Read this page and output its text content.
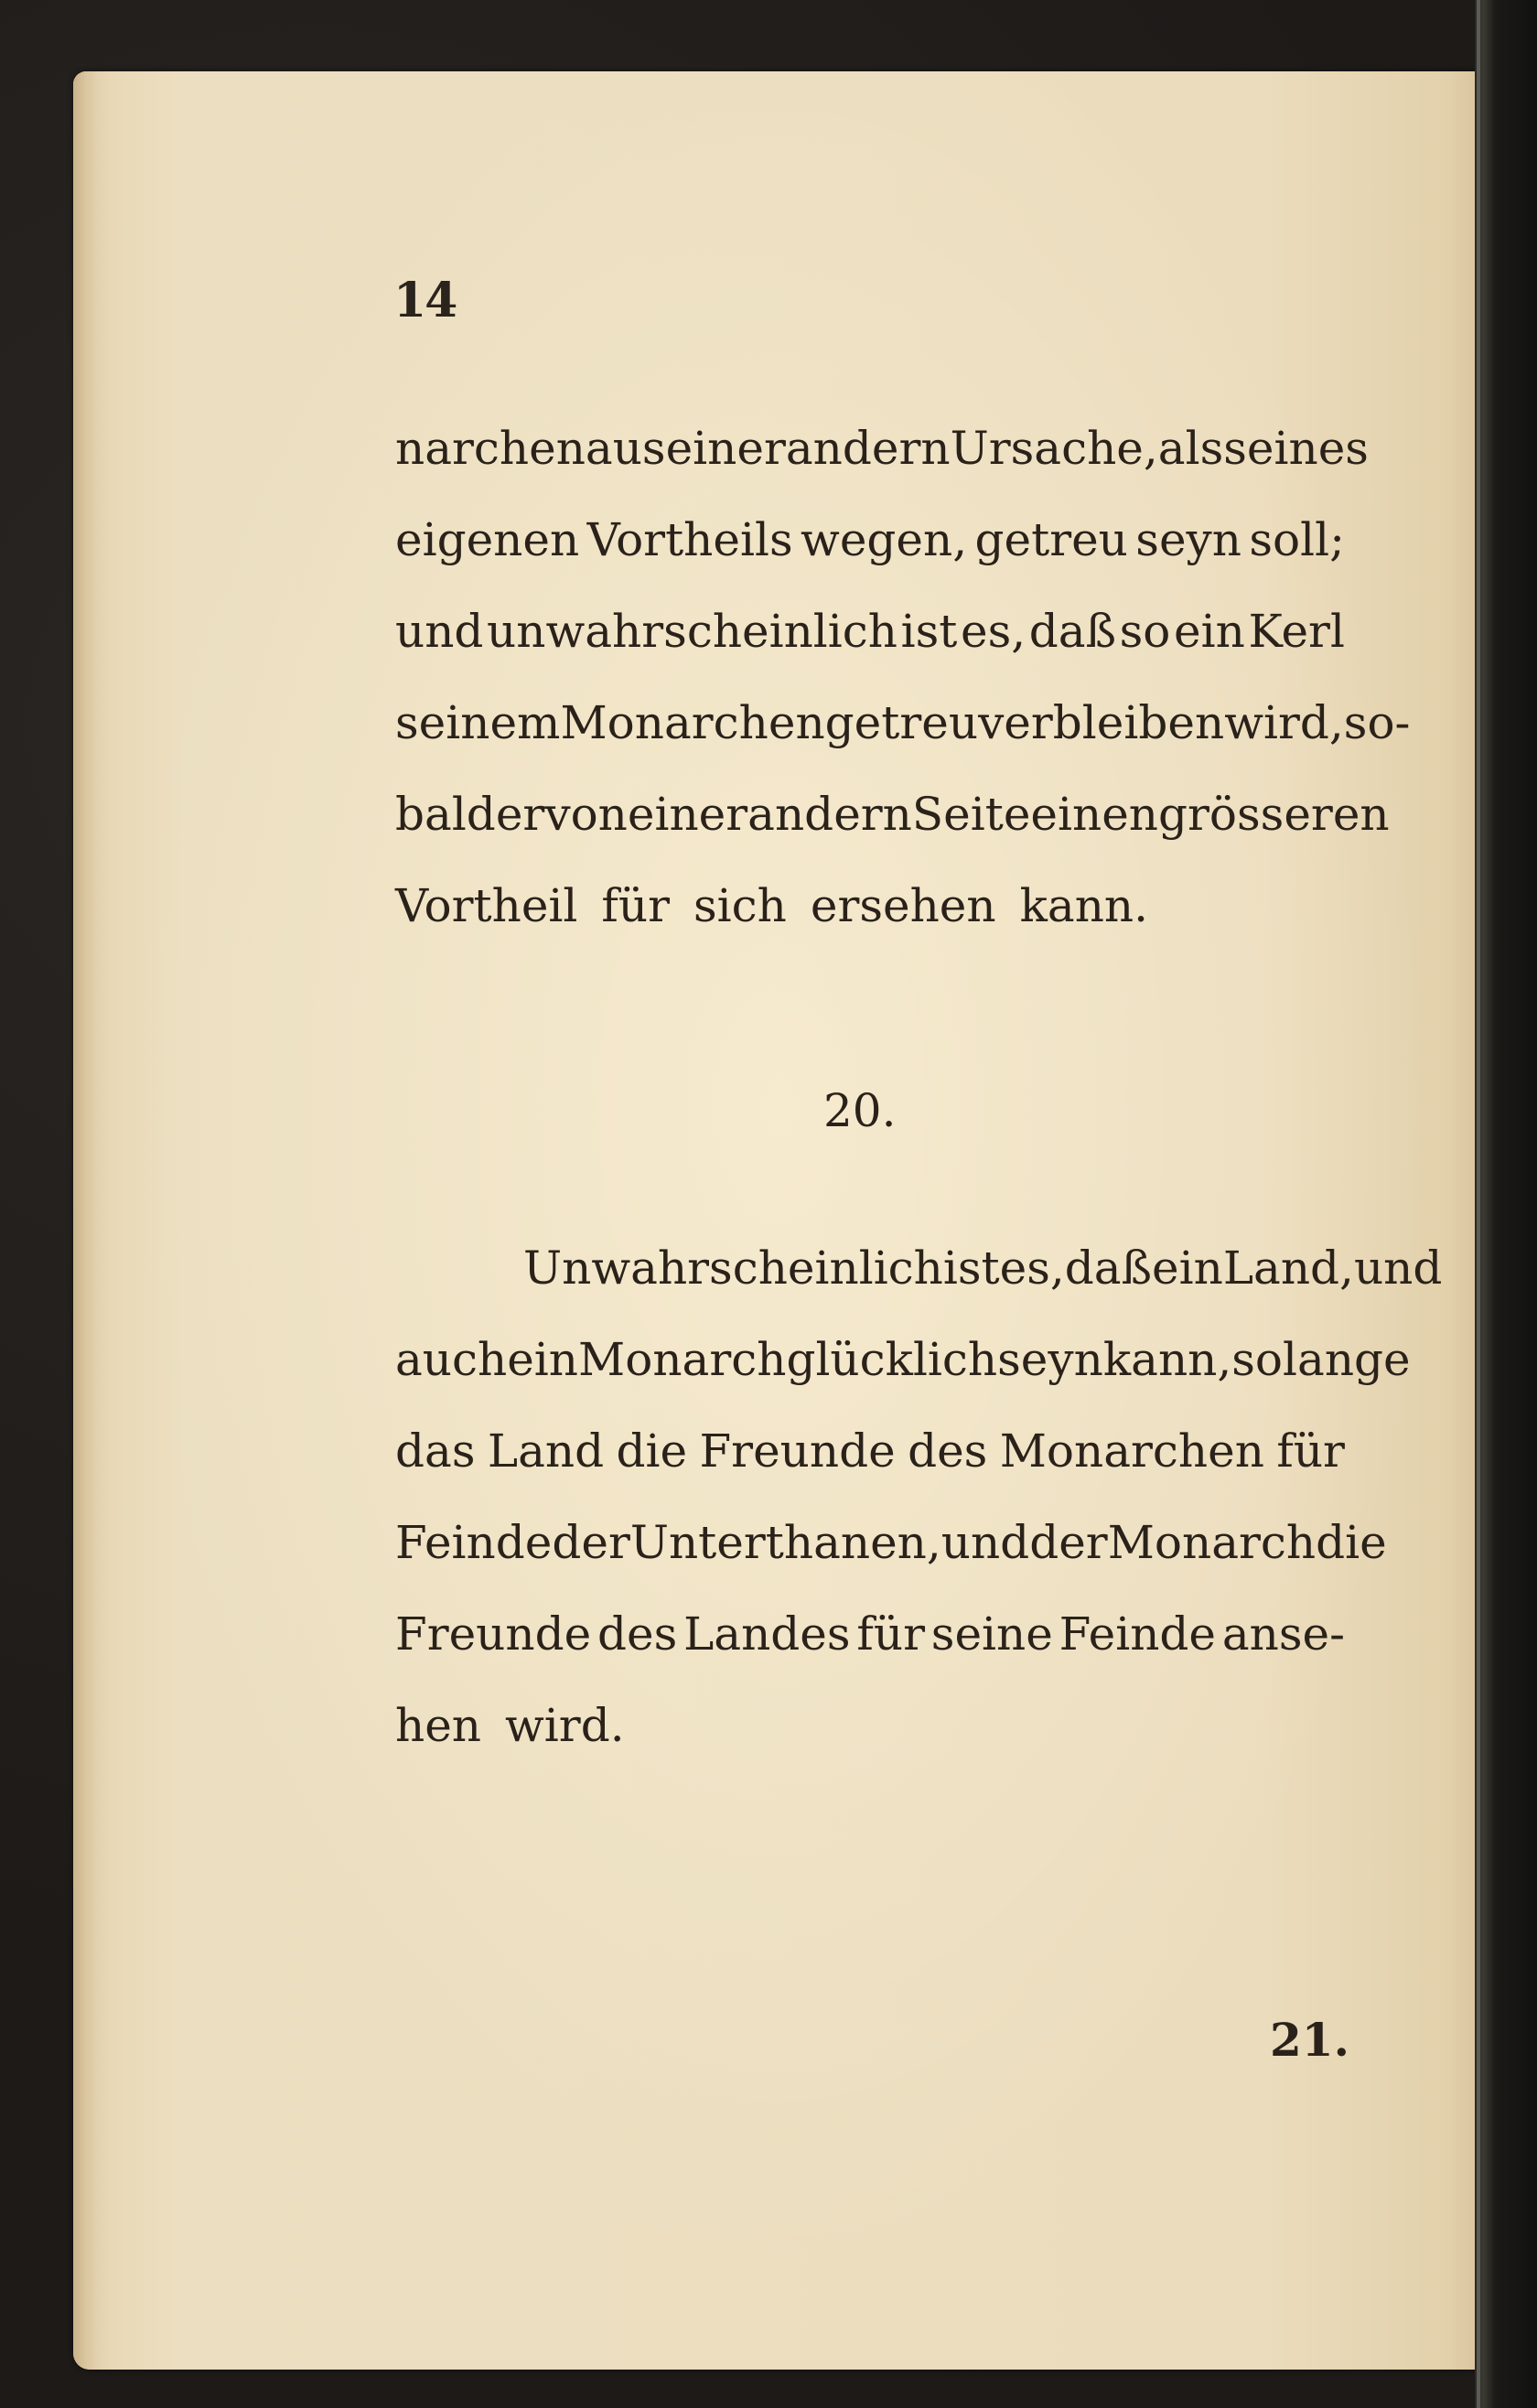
14
narchen aus einer andern Ursache, als seines
eigenen Vortheils wegen, getreu seyn soll;
und unwahrscheinlich ist es, daß so ein Kerl
seinem Monarchen getreu verbleiben wird, so-
bald er von einer andern Seite einen grösseren
Vortheil für sich ersehen kann.
20.
Unwahrscheinlich ist es, daß ein Land, und
auch ein Monarch glücklich seyn kann, so lange
das Land die Freunde des Monarchen für
Feinde der Unterthanen, und der Monarch die
Freunde des Landes für seine Feinde anse-
hen wird.
21.
